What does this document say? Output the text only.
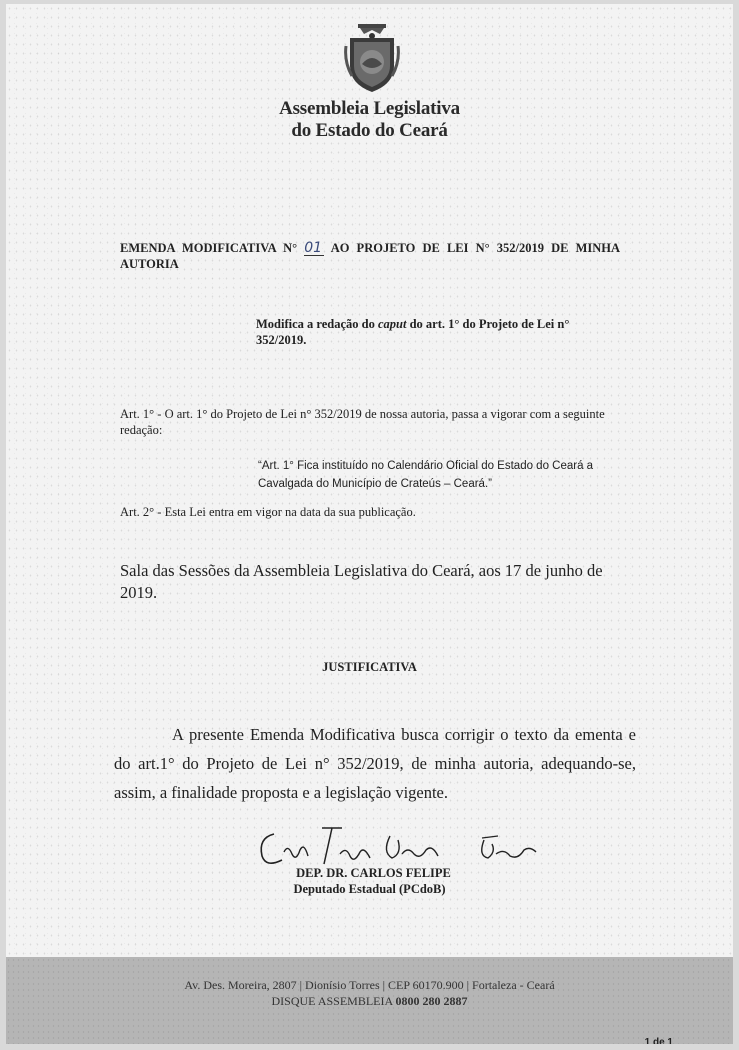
Assembleia Legislativa
do Estado do Ceará
EMENDA MODIFICATIVA N° 01 AO PROJETO DE LEI N° 352/2019 DE MINHA AUTORIA
Modifica a redação do caput do art. 1° do Projeto de Lei n° 352/2019.
Art. 1° - O art. 1° do Projeto de Lei n° 352/2019 de nossa autoria, passa a vigorar com a seguinte redação:
“Art. 1° Fica instituído no Calendário Oficial do Estado do Ceará a Cavalgada do Município de Crateús – Ceará.”
Art. 2° - Esta Lei entra em vigor na data da sua publicação.
Sala das Sessões da Assembleia Legislativa do Ceará, aos 17 de junho de 2019.
JUSTIFICATIVA
A presente Emenda Modificativa busca corrigir o texto da ementa e do art.1° do Projeto de Lei n° 352/2019, de minha autoria, adequando-se, assim, a finalidade proposta e a legislação vigente.
DEP. DR. CARLOS FELIPE
Deputado Estadual (PCdoB)
Av. Des. Moreira, 2807 | Dionísio Torres | CEP 60170.900 | Fortaleza - Ceará
DISQUE ASSEMBLEIA 0800 280 2887
1 de 1
